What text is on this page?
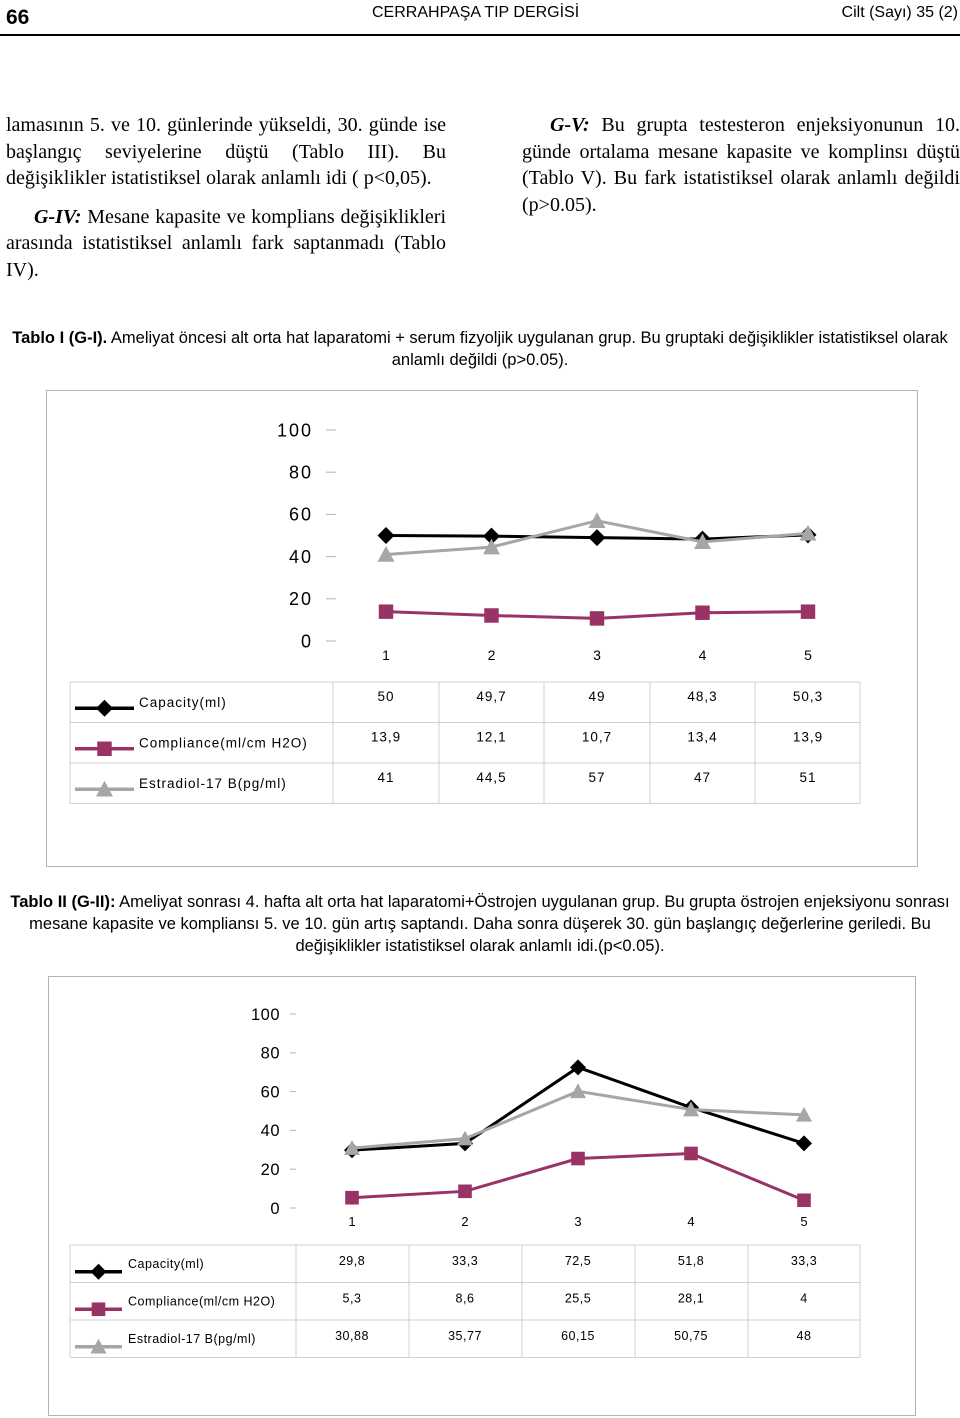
66	CERRAHPAŞA TIP DERGİSİ	Cilt (Sayı) 35 (2)

lamasının 5. ve 10. günlerinde yükseldi, 30. günde ise başlangıç seviyelerine düştü (Tablo III). Bu değişiklikler istatistiksel olarak anlamlı idi ( p<0,05).

G-IV: Mesane kapasite ve komplians değişiklikleri arasında istatistiksel anlamlı fark saptanmadı (Tablo IV).

G-V: Bu grupta testesteron enjeksiyonunun 10. günde ortalama mesane kapasite ve komplinsı düştü (Tablo V). Bu fark istatistiksel olarak anlamlı değildi (p>0.05).

Tablo I (G-I). Ameliyat öncesi alt orta hat laparatomi + serum fizyoljik uygulanan grup. Bu gruptaki değişiklikler istatistiksel olarak anlamlı değildi (p>0.05).
100
80
60
40
20
0
1	2	3	4	5
Capacity(ml)	50	49,7	49	48,3	50,3
Compliance(ml/cm H2O)	13,9	12,1	10,7	13,4	13,9
Estradiol-17 B(pg/ml)	41	44,5	57	47	51
Tablo II (G-II): Ameliyat sonrası 4. hafta alt orta hat laparatomi+Östrojen uygulanan grup. Bu grupta östrojen enjeksiyonu sonrası mesane kapasite ve kompliansı 5. ve 10. gün artış saptandı. Daha sonra düşerek 30. gün başlangıç değerlerine geriledi. Bu değişiklikler istatistiksel olarak anlamlı idi.(p<0.05).
100
80
60
40
20
0
1	2	3	4	5
Capacity(ml)	29,8	33,3	72,5	51,8	33,3
Compliance(ml/cm H2O)	5,3	8,6	25,5	28,1	4
Estradiol-17 B(pg/ml)	30,88	35,77	60,15	50,75	48
